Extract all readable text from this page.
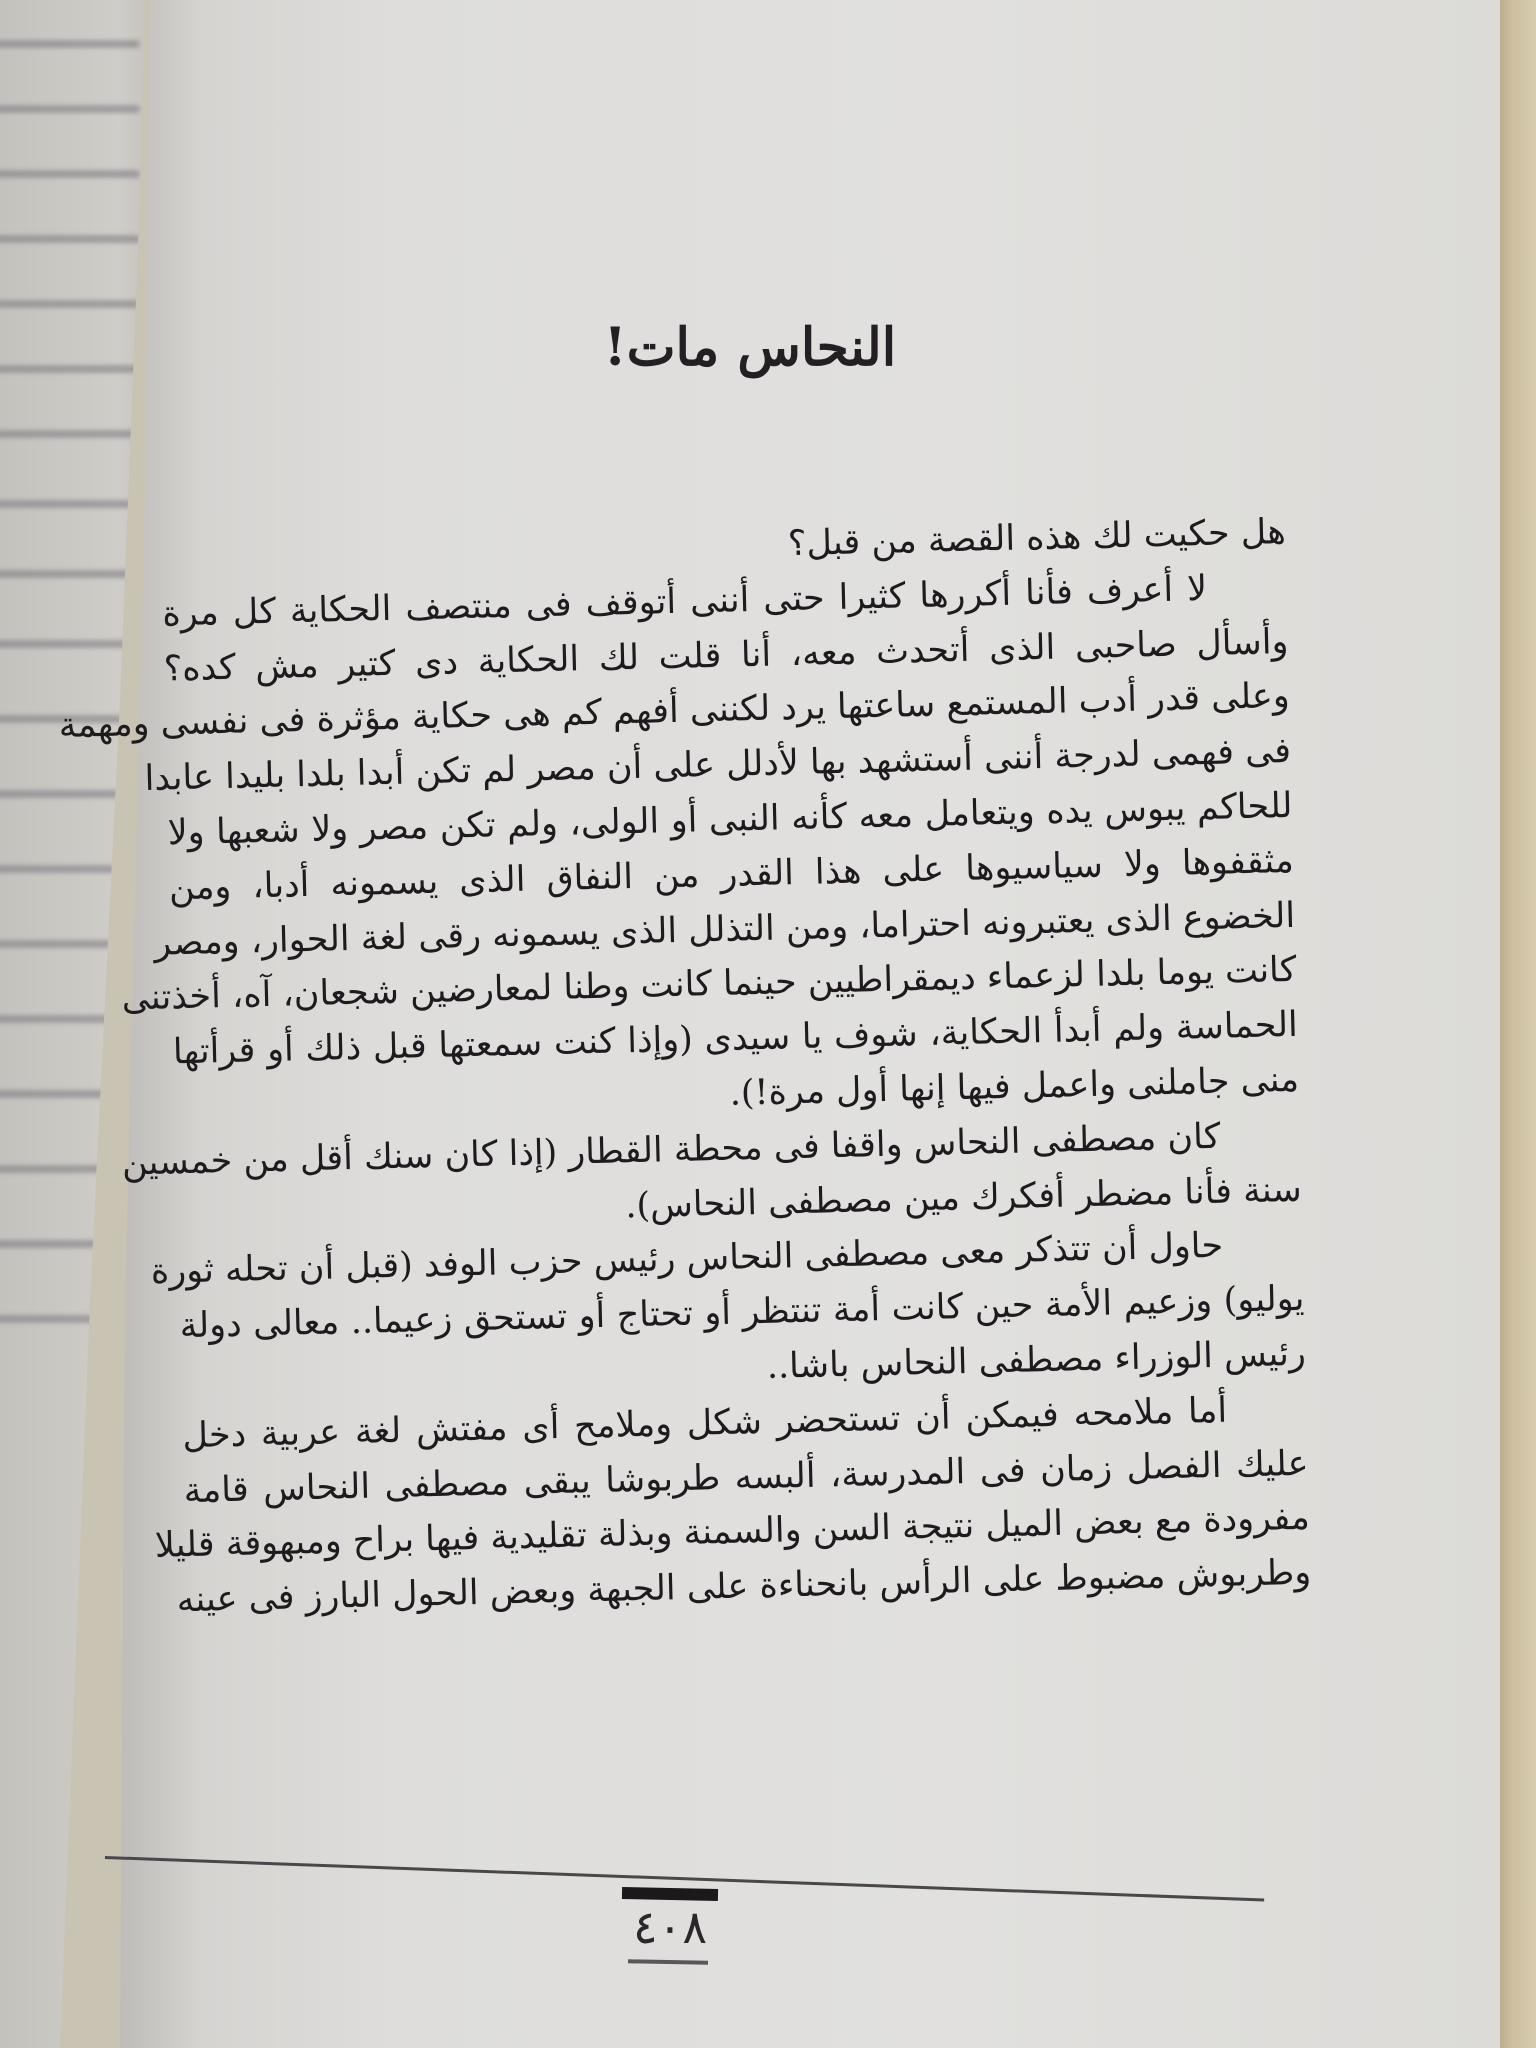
النحاس مات!
هل حكيت لك هذه القصة من قبل؟
لا أعرف فأنا أكررها كثيرا حتى أننى أتوقف فى منتصف الحكاية كل مرة
وأسأل صاحبى الذى أتحدث معه، أنا قلت لك الحكاية دى كتير مش كده؟
وعلى قدر أدب المستمع ساعتها يرد لكننى أفهم كم هى حكاية مؤثرة فى نفسى ومهمة
فى فهمى لدرجة أننى أستشهد بها لأدلل على أن مصر لم تكن أبدا بلدا بليدا عابدا
للحاكم يبوس يده ويتعامل معه كأنه النبى أو الولى، ولم تكن مصر ولا شعبها ولا
مثقفوها ولا سياسيوها على هذا القدر من النفاق الذى يسمونه أدبا، ومن
الخضوع الذى يعتبرونه احتراما، ومن التذلل الذى يسمونه رقى لغة الحوار، ومصر
كانت يوما بلدا لزعماء ديمقراطيين حينما كانت وطنا لمعارضين شجعان، آه، أخذتنى
الحماسة ولم أبدأ الحكاية، شوف يا سيدى (وإذا كنت سمعتها قبل ذلك أو قرأتها
منى جاملنى واعمل فيها إنها أول مرة!).
كان مصطفى النحاس واقفا فى محطة القطار (إذا كان سنك أقل من خمسين
سنة فأنا مضطر أفكرك مين مصطفى النحاس).
حاول أن تتذكر معى مصطفى النحاس رئيس حزب الوفد (قبل أن تحله ثورة
يوليو) وزعيم الأمة حين كانت أمة تنتظر أو تحتاج أو تستحق زعيما.. معالى دولة
رئيس الوزراء مصطفى النحاس باشا..
أما ملامحه فيمكن أن تستحضر شكل وملامح أى مفتش لغة عربية دخل
عليك الفصل زمان فى المدرسة، ألبسه طربوشا يبقى مصطفى النحاس قامة
مفرودة مع بعض الميل نتيجة السن والسمنة وبذلة تقليدية فيها براح ومبهوقة قليلا
وطربوش مضبوط على الرأس بانحناءة على الجبهة وبعض الحول البارز فى عينه
٤٠٨
